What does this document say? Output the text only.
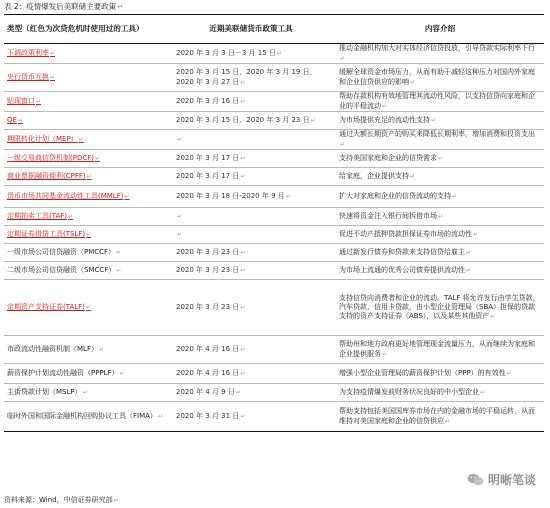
表 2：疫情爆发后美联储主要政策↵
类型（红色为次贷危机时使用过的工具）	近期美联储货币政策工具	内容介绍
下调政策利率↵	2020 年 3 月 3 日－3 月 15 日↵	推动金融机构加大对实体经济信贷投放，引导贷款实际利率下行↵
央行货币互换↵	2020 年 3 月 15 日，2020 年 3 月 19 日，2020 年 3 月 27 日↵	缓解全球资金市场压力，从而有助于减轻这种压力对国内外家庭和企业信贷供应的影响↵
贴现窗口↵	2020 年 3 月 16 日↵	帮助存款机构有效地管理其流动性风险，以支持信贷向家庭和企业的平稳流动↵
QE↵	2020 年 3 月 15 日、2020 年 3 月 23 日↵	为市场提供充足的流动性支持↵
期限转化计划（MEP）↵	↵	通过大额长期资产的购买来降低长期利率，增加消费和投资支出↵
一级交易商信贷机制(PDCF)↵	2020 年 3 月 17 日↵	支持美国家庭和企业的信贷需求↵
商业票据融资便利(CPFF)↵	2020 年 3 月 17 日↵	给家庭，企业提供支持↵
货币市场共同基金流动性工具(MMLF)↵	2020 年 3 月 18 日-2020 年 9 月↵	扩大对家庭和企业的信贷流动的支持↵
定期拍卖工具(TAF)↵	↵	快速将资金注入银行间拆借市场↵
定期证券借贷工具(TSLF)↵	↵	促进不动产抵押贷款担保证券市场的流动性↵
一级市场公司信贷融资（PMCCF）↵	2020 年 3 月 23 日↵	通过新发行债券和贷款来支持信贷给雇主↵
二级市场公司信贷融资（SMCCF）↵	2020 年 3 月 23 日↵	为市场上流通的优秀公司债券提供流动性↵
定期资产支持证券(TALF)↵	2020 年 3 月 23 日↵	支持信贷向消费者和企业的流动。TALF 将允许发行由学生贷款，汽车贷款，信用卡贷款，由小型企业管理局（SBA）担保的贷款支持的资产支持证券（ABS），以及某些其他资产↵
市政流动性融资机制（MLF）↵	2020 年 4 月 16 日↵	帮助州和地方政府更好地管理现金流量压力，从而继续为家庭和企业提供服务↵
薪资保护计划流动性融资（PPPLF）↵	2020 年 4 月 16 日↵	增强小型企业管理局的薪资保护计划（PPP）的有效性↵
主街贷款计划（MSLP）↵	2020 年 4 月 9 日↵	为支持疫情爆发前财务状况良好的中小型企业↵
临时外国和国际金融机构回购协议工具（FIMA）↵	2020 年 3 月 31 日↵	帮助支持包括美国国库券市场在内的金融市场的平稳运转，从而维持对美国家庭和企业的信贷供应↵
资料来源：Wind，中信证券研究部↵
明晰笔谈
